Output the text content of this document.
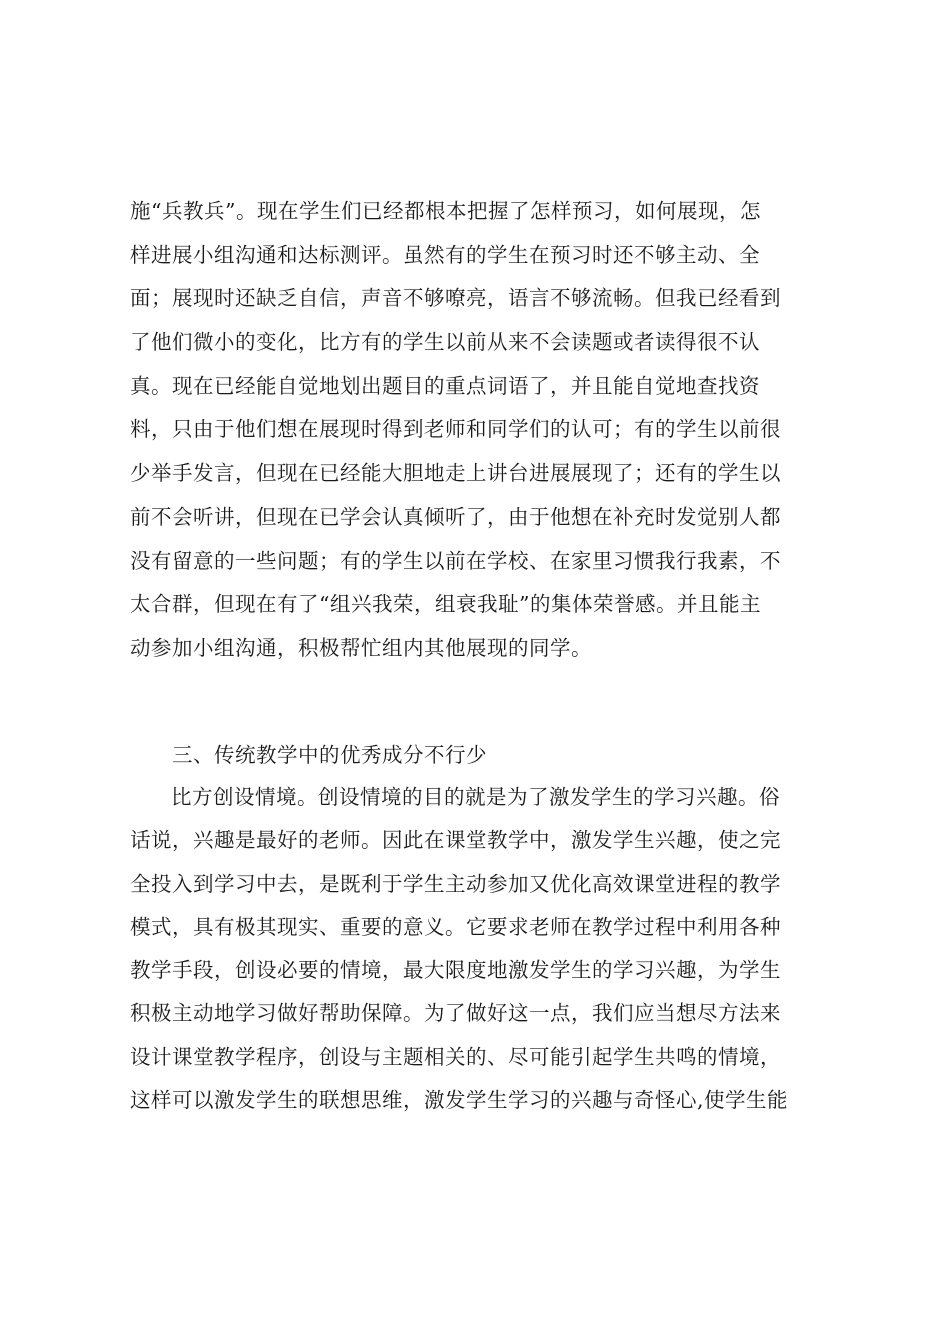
施“兵教兵”。现在学生们已经都根本把握了怎样预习，如何展现，怎
样进展小组沟通和达标测评。虽然有的学生在预习时还不够主动、全
面；展现时还缺乏自信，声音不够嘹亮，语言不够流畅。但我已经看到
了他们微小的变化，比方有的学生以前从来不会读题或者读得很不认
真。现在已经能自觉地划出题目的重点词语了，并且能自觉地查找资
料，只由于他们想在展现时得到老师和同学们的认可；有的学生以前很
少举手发言，但现在已经能大胆地走上讲台进展展现了；还有的学生以
前不会听讲，但现在已学会认真倾听了，由于他想在补充时发觉别人都
没有留意的一些问题；有的学生以前在学校、在家里习惯我行我素，不
太合群，但现在有了“组兴我荣，组衰我耻”的集体荣誉感。并且能主
动参加小组沟通，积极帮忙组内其他展现的同学。
三、传统教学中的优秀成分不行少
比方创设情境。创设情境的目的就是为了激发学生的学习兴趣。俗
话说，兴趣是最好的老师。因此在课堂教学中，激发学生兴趣，使之完
全投入到学习中去，是既利于学生主动参加又优化高效课堂进程的教学
模式，具有极其现实、重要的意义。它要求老师在教学过程中利用各种
教学手段，创设必要的情境，最大限度地激发学生的学习兴趣，为学生
积极主动地学习做好帮助保障。为了做好这一点，我们应当想尽方法来
设计课堂教学程序，创设与主题相关的、尽可能引起学生共鸣的情境，
这样可以激发学生的联想思维，激发学生学习的兴趣与奇怪心,使学生能
